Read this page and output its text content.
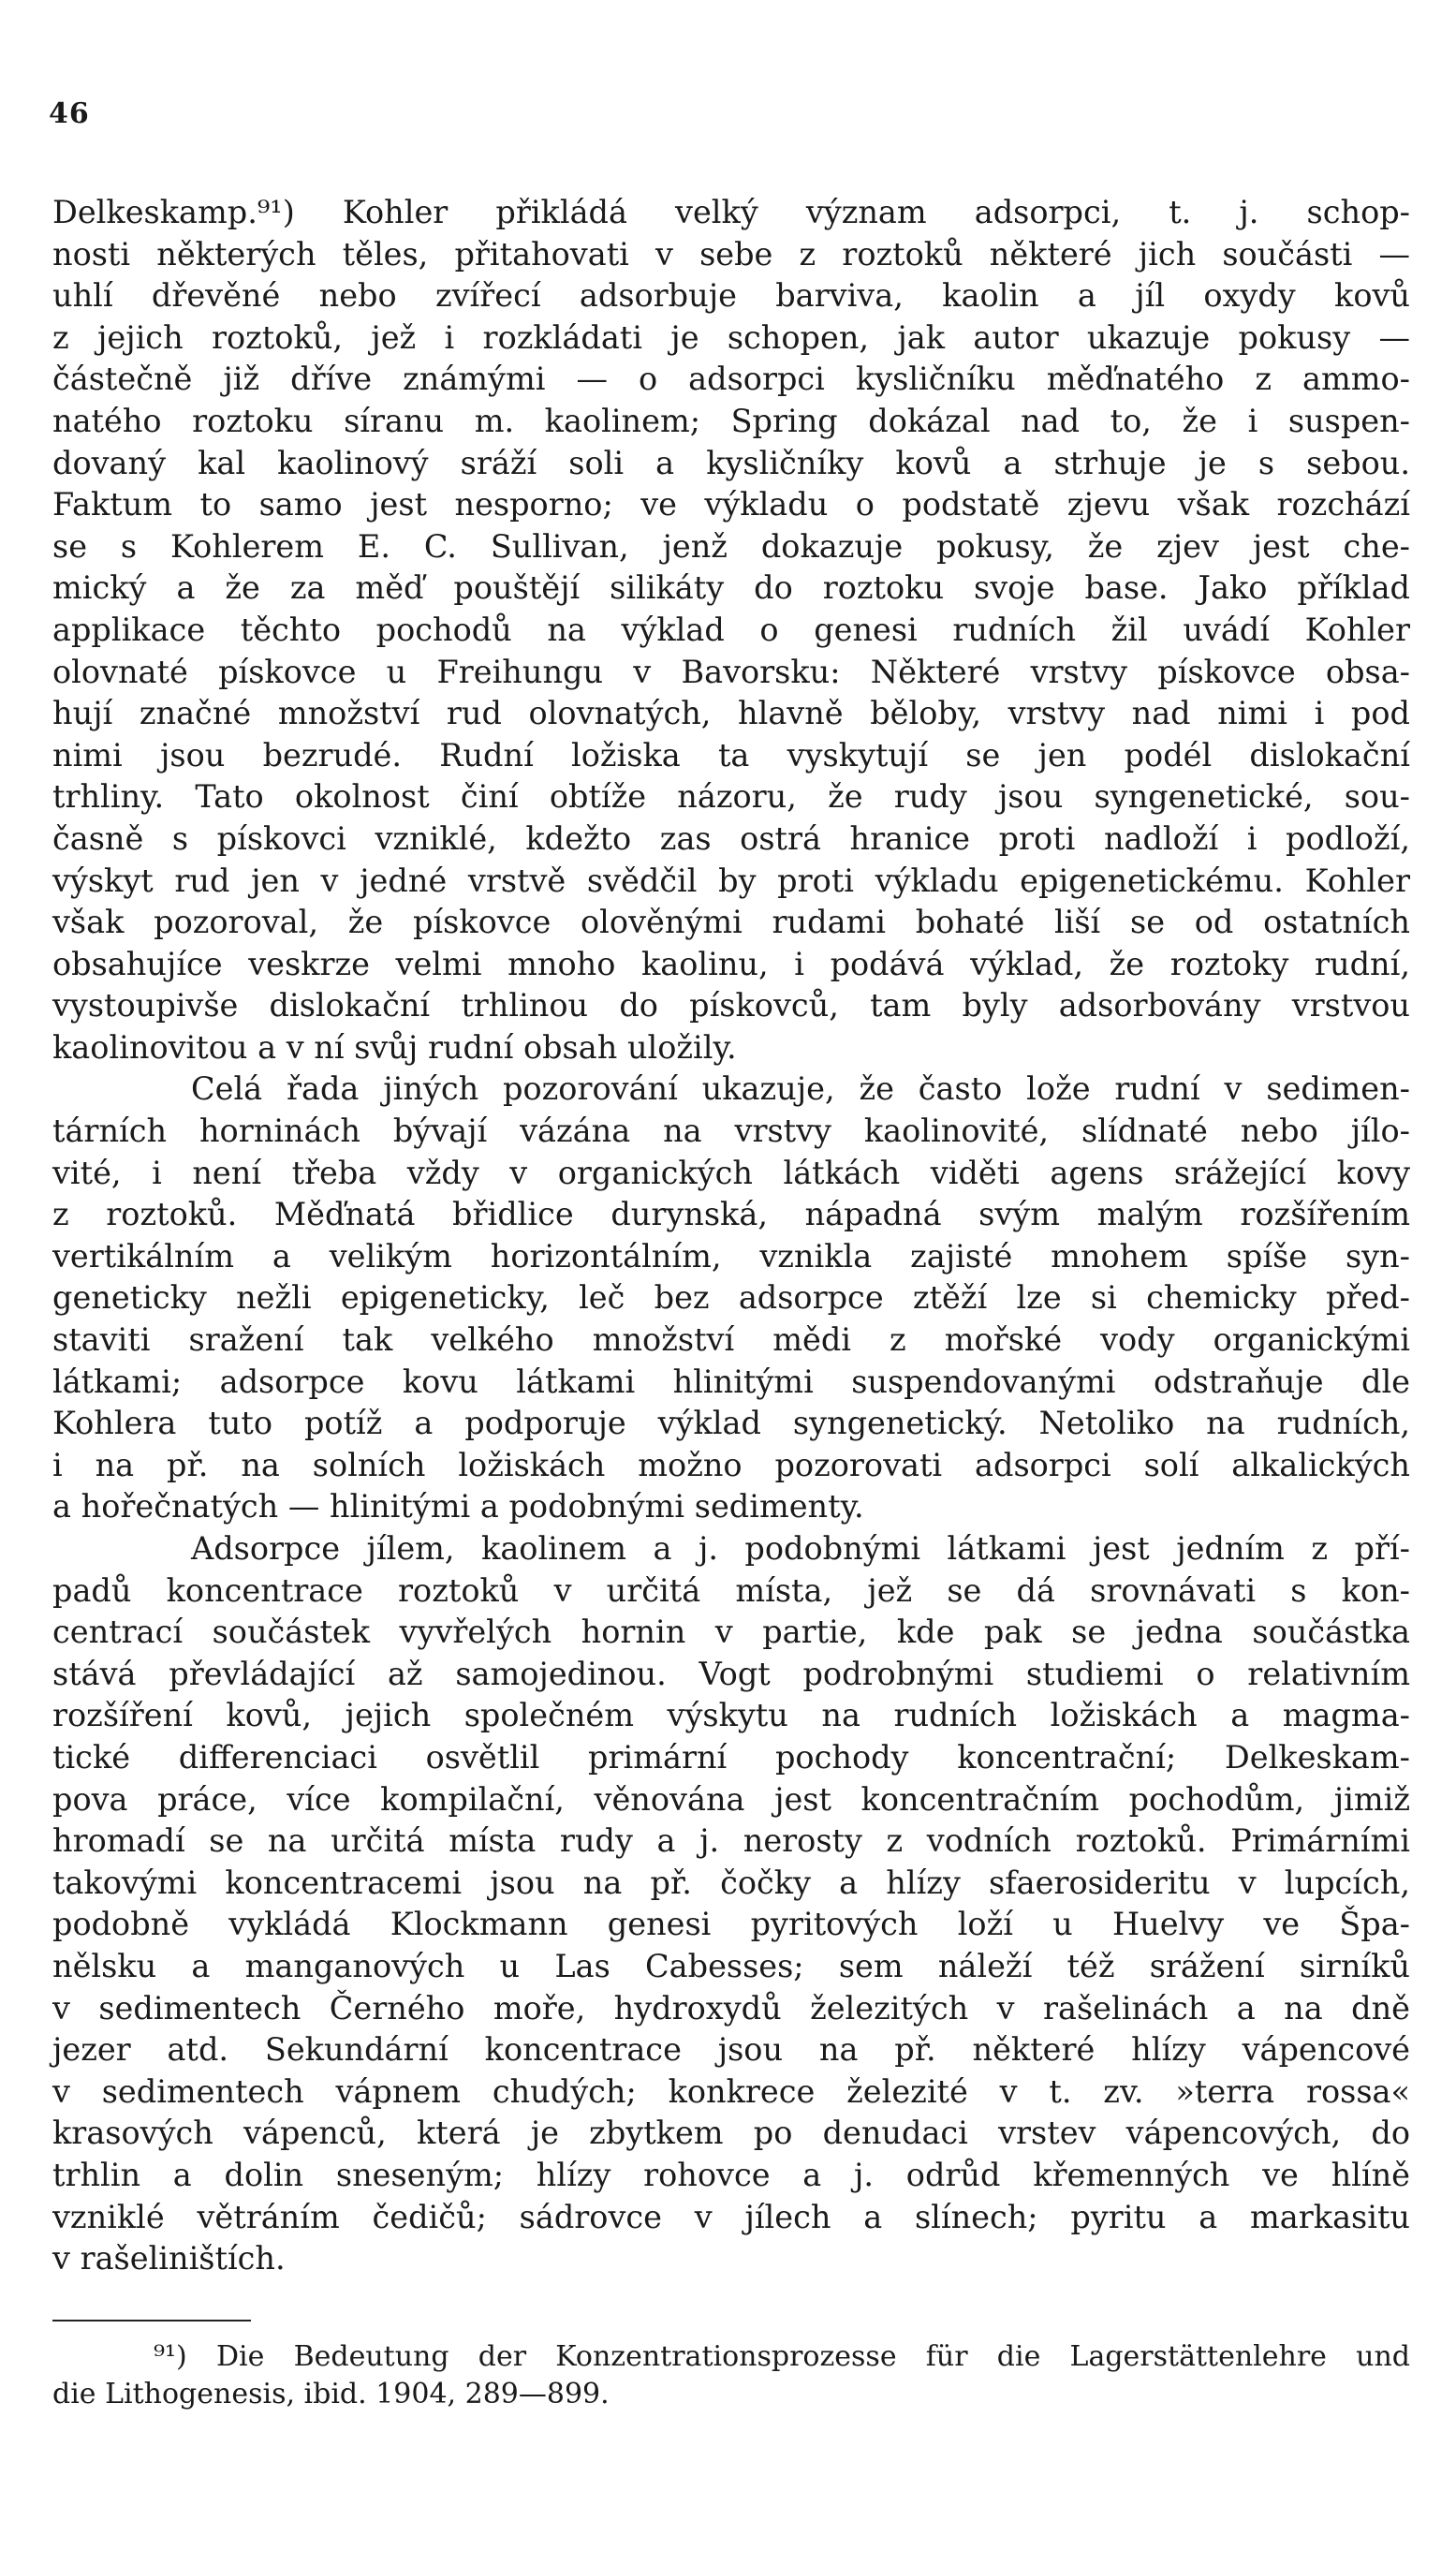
46
Delkeskamp.⁹¹) Kohler přikládá velký význam adsorpci, t. j. schop-
nosti některých těles, přitahovati v sebe z roztoků některé jich součásti —
uhlí dřevěné nebo zvířecí adsorbuje barviva, kaolin a jíl oxydy kovů
z jejich roztoků, jež i rozkládati je schopen, jak autor ukazuje pokusy —
částečně již dříve známými — o adsorpci kysličníku měďnatého z ammo-
natého roztoku síranu m. kaolinem; Spring dokázal nad to, že i suspen-
dovaný kal kaolinový sráží soli a kysličníky kovů a strhuje je s sebou.
Faktum to samo jest nesporno; ve výkladu o podstatě zjevu však rozchází
se s Kohlerem E. C. Sullivan, jenž dokazuje pokusy, že zjev jest che-
mický a že za měď pouštějí silikáty do roztoku svoje base. Jako příklad
applikace těchto pochodů na výklad o genesi rudních žil uvádí Kohler
olovnaté pískovce u Freihungu v Bavorsku: Některé vrstvy pískovce obsa-
hují značné množství rud olovnatých, hlavně běloby, vrstvy nad nimi i pod
nimi jsou bezrudé. Rudní ložiska ta vyskytují se jen podél dislokační
trhliny. Tato okolnost činí obtíže názoru, že rudy jsou syngenetické, sou-
časně s pískovci vzniklé, kdežto zas ostrá hranice proti nadloží i podloží,
výskyt rud jen v jedné vrstvě svědčil by proti výkladu epigenetickému. Kohler
však pozoroval, že pískovce olověnými rudami bohaté liší se od ostatních
obsahujíce veskrze velmi mnoho kaolinu, i podává výklad, že roztoky rudní,
vystoupivše dislokační trhlinou do pískovců, tam byly adsorbovány vrstvou
kaolinovitou a v ní svůj rudní obsah uložily.
Celá řada jiných pozorování ukazuje, že často lože rudní v sedimen-
tárních horninách bývají vázána na vrstvy kaolinovité, slídnaté nebo jílo-
vité, i není třeba vždy v organických látkách viděti agens srážející kovy
z roztoků. Měďnatá břidlice durynská, nápadná svým malým rozšířením
vertikálním a velikým horizontálním, vznikla zajisté mnohem spíše syn-
geneticky nežli epigeneticky, leč bez adsorpce ztěží lze si chemicky před-
staviti sražení tak velkého množství mědi z mořské vody organickými
látkami; adsorpce kovu látkami hlinitými suspendovanými odstraňuje dle
Kohlera tuto potíž a podporuje výklad syngenetický. Netoliko na rudních,
i na př. na solních ložiskách možno pozorovati adsorpci solí alkalických
a hořečnatých — hlinitými a podobnými sedimenty.
Adsorpce jílem, kaolinem a j. podobnými látkami jest jedním z pří-
padů koncentrace roztoků v určitá místa, jež se dá srovnávati s kon-
centrací součástek vyvřelých hornin v partie, kde pak se jedna součástka
stává převládající až samojedinou. Vogt podrobnými studiemi o relativním
rozšíření kovů, jejich společném výskytu na rudních ložiskách a magma-
tické differenciaci osvětlil primární pochody koncentrační; Delkeskam-
pova práce, více kompilační, věnována jest koncentračním pochodům, jimiž
hromadí se na určitá místa rudy a j. nerosty z vodních roztoků. Primárními
takovými koncentracemi jsou na př. čočky a hlízy sfaerosideritu v lupcích,
podobně vykládá Klockmann genesi pyritových loží u Huelvy ve Špa-
nělsku a manganových u Las Cabesses; sem náleží též srážení sirníků
v sedimentech Černého moře, hydroxydů železitých v rašelinách a na dně
jezer atd. Sekundární koncentrace jsou na př. některé hlízy vápencové
v sedimentech vápnem chudých; konkrece železité v t. zv. »terra rossa«
krasových vápenců, která je zbytkem po denudaci vrstev vápencových, do
trhlin a dolin sneseným; hlízy rohovce a j. odrůd křemenných ve hlíně
vzniklé větráním čedičů; sádrovce v jílech a slínech; pyritu a markasitu
v rašeliništích.
⁹¹) Die Bedeutung der Konzentrationsprozesse für die Lagerstättenlehre und
die Lithogenesis, ibid. 1904, 289—899.
